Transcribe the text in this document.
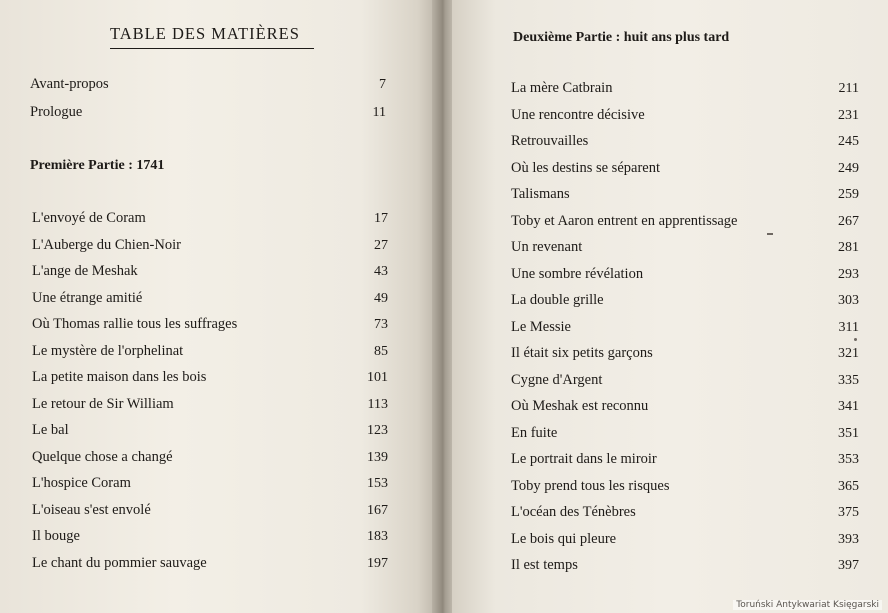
TABLE DES MATIÈRES
Avant-propos	7
Prologue	11
Première Partie : 1741
L'envoyé de Coram	17
L'Auberge du Chien-Noir	27
L'ange de Meshak	43
Une étrange amitié	49
Où Thomas rallie tous les suffrages	73
Le mystère de l'orphelinat	85
La petite maison dans les bois	101
Le retour de Sir William	113
Le bal	123
Quelque chose a changé	139
L'hospice Coram	153
L'oiseau s'est envolé	167
Il bouge	183
Le chant du pommier sauvage	197
Deuxième Partie : huit ans plus tard
La mère Catbrain	211
Une rencontre décisive	231
Retrouvailles	245
Où les destins se séparent	249
Talismans	259
Toby et Aaron entrent en apprentissage	267
Un revenant	281
Une sombre révélation	293
La double grille	303
Le Messie	311
Il était six petits garçons	321
Cygne d'Argent	335
Où Meshak est reconnu	341
En fuite	351
Le portrait dans le miroir	353
Toby prend tous les risques	365
L'océan des Ténèbres	375
Le bois qui pleure	393
Il est temps	397
Toruński Antykwariat Księgarski
